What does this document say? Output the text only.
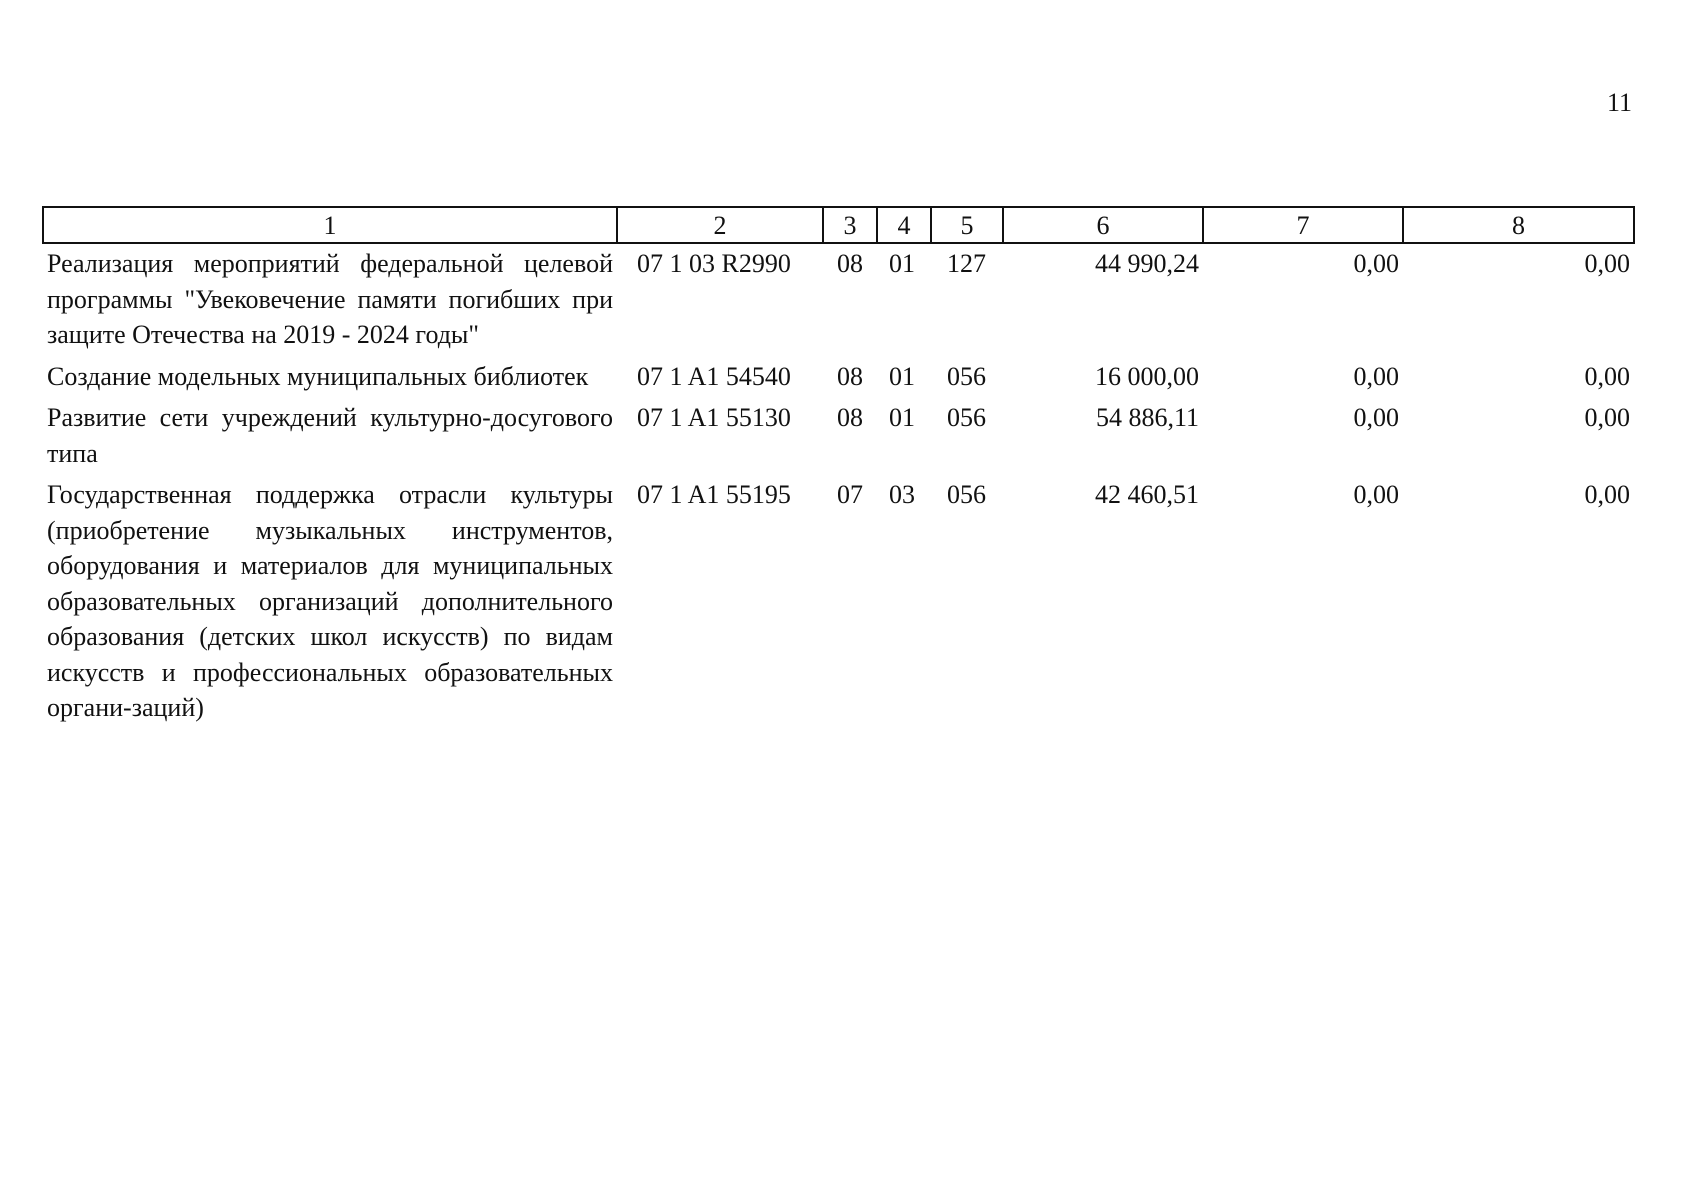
11
1	2	3	4	5	6	7	8
Реализация мероприятий федеральной целевой программы "Увековечение памяти погибших при защите Отечества на 2019 - 2024 годы"	07 1 03 R2990	08	01	127	44 990,24	0,00	0,00
Создание модельных муниципальных библиотек	07 1 A1 54540	08	01	056	16 000,00	0,00	0,00
Развитие сети учреждений культурно-досугового типа	07 1 A1 55130	08	01	056	54 886,11	0,00	0,00
Государственная поддержка отрасли культуры (приобретение музыкальных инструментов, оборудования и материалов для муниципальных образовательных организаций дополнительного образования (детских школ искусств) по видам искусств и профессиональных образовательных органи-заций)	07 1 A1 55195	07	03	056	42 460,51	0,00	0,00
